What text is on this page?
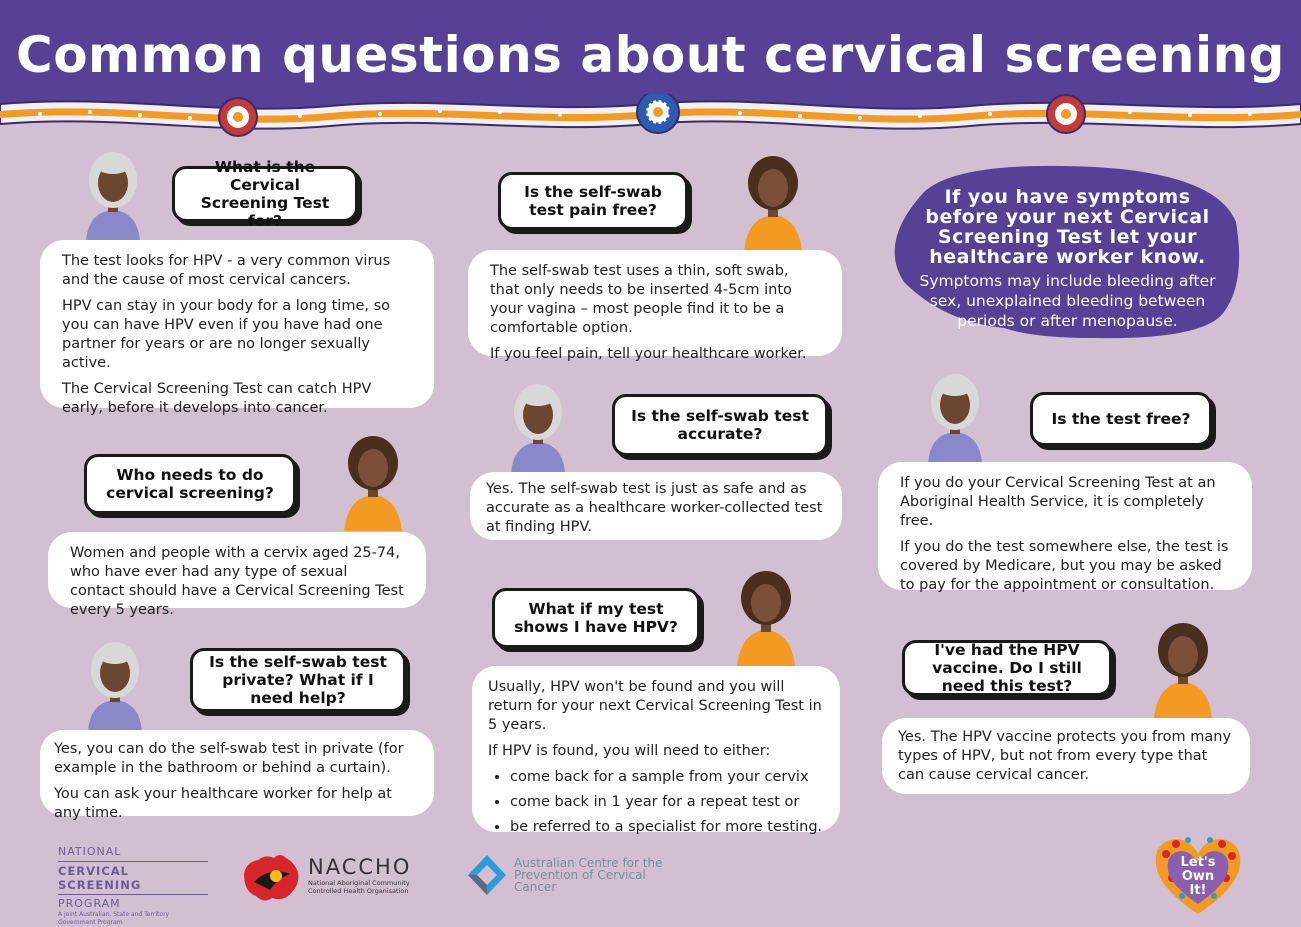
Common questions about cervical screening
What is the Cervical Screening Test for?
Is the self-swab test pain free?
Is the self-swab test accurate?
Who needs to do cervical screening?
Is the test free?
What if my test shows I have HPV?
Is the self-swab test private? What if I need help?
I've had the HPV vaccine. Do I still need this test?

The test looks for HPV - a very common virus and the cause of most cervical cancers.

HPV can stay in your body for a long time, so you can have HPV even if you have had one partner for years or are no longer sexually active.

The Cervical Screening Test can catch HPV early, before it develops into cancer.

Women and people with a cervix aged 25-74, who have ever had any type of sexual contact should have a Cervical Screening Test every 5 years.

Yes, you can do the self-swab test in private (for example in the bathroom or behind a curtain).

You can ask your healthcare worker for help at any time.

The self-swab test uses a thin, soft swab, that only needs to be inserted 4-5cm into your vagina – most people find it to be a comfortable option.

If you feel pain, tell your healthcare worker.

Yes. The self-swab test is just as safe and as accurate as a healthcare worker-collected test at finding HPV.

Usually, HPV won't be found and you will return for your next Cervical Screening Test in 5 years.

If HPV is found, you will need to either:

• come back for a sample from your cervix
• come back in 1 year for a repeat test or
• be referred to a specialist for more testing.

If you do your Cervical Screening Test at an Aboriginal Health Service, it is completely free.

If you do the test somewhere else, the test is covered by Medicare, but you may be asked to pay for the appointment or consultation.

Yes. The HPV vaccine protects you from many types of HPV, but not from every type that can cause cervical cancer.

If you have symptoms before your next Cervical Screening Test let your healthcare worker know.
Symptoms may include bleeding after sex, unexplained bleeding between periods or after menopause.
NATIONAL
CERVICAL SCREENING
PROGRAM
A joint Australian, State and Territory Government Program
NACCHO
National Aboriginal Community Controlled Health Organisation
Australian Centre for the Prevention of Cervical Cancer
Let's Own It!
